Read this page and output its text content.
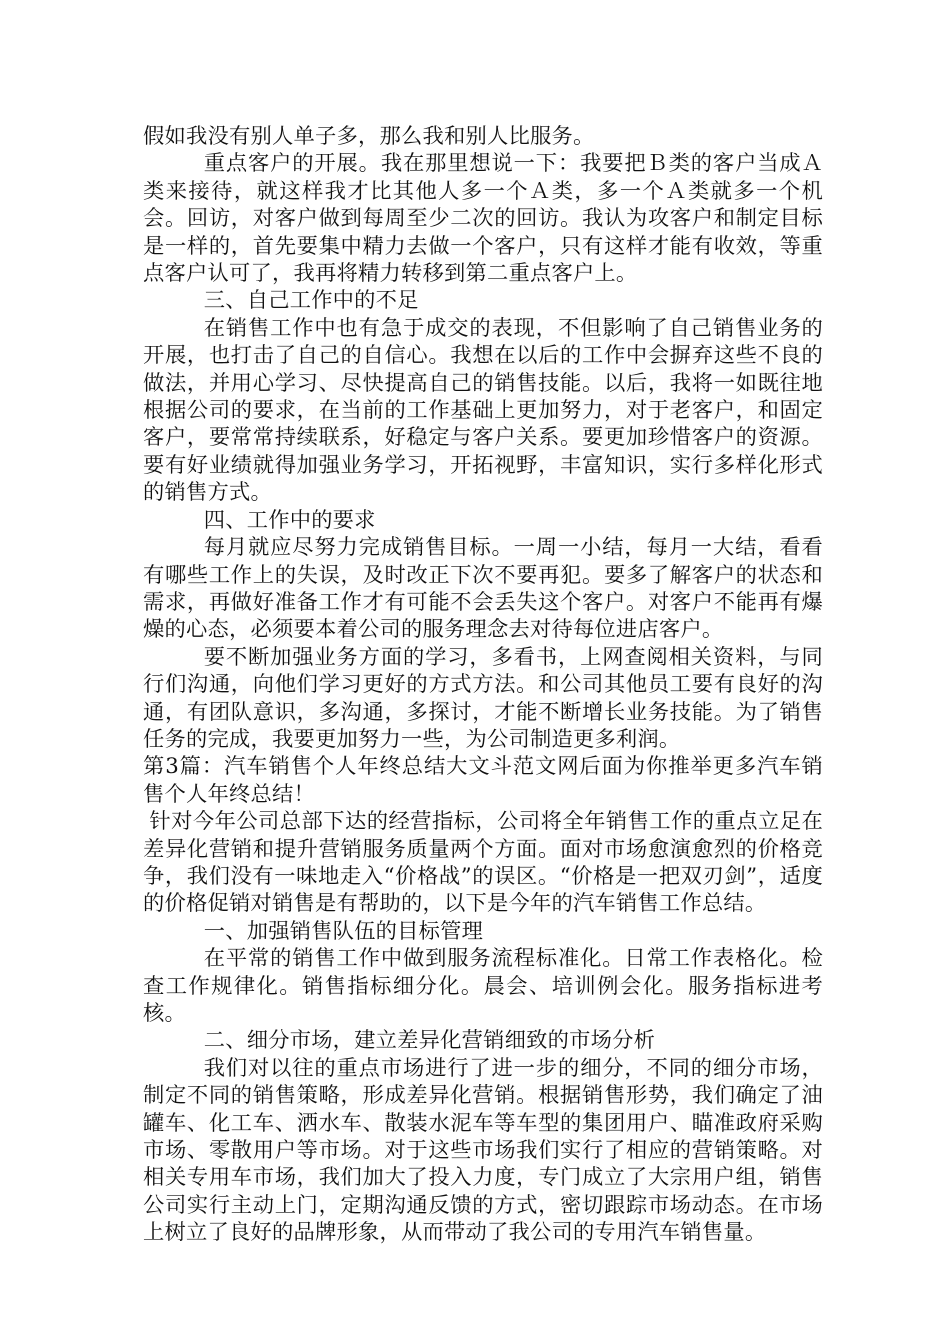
假如我没有别人单子多，那么我和别人比服务。

重点客户的开展。我在那里想说一下：我要把Ｂ类的客户当成Ａ类来接待，就这样我才比其他人多一个Ａ类，多一个Ａ类就多一个机会。回访，对客户做到每周至少二次的回访。我认为攻客户和制定目标是一样的，首先要集中精力去做一个客户，只有这样才能有收效，等重点客户认可了，我再将精力转移到第二重点客户上。

三、自己工作中的不足

在销售工作中也有急于成交的表现，不但影响了自己销售业务的开展，也打击了自己的自信心。我想在以后的工作中会摒弃这些不良的做法，并用心学习、尽快提高自己的销售技能。以后，我将一如既往地根据公司的要求，在当前的工作基础上更加努力，对于老客户，和固定客户，要常常持续联系，好稳定与客户关系。要更加珍惜客户的资源。要有好业绩就得加强业务学习，开拓视野，丰富知识，实行多样化形式的销售方式。

四、工作中的要求

每月就应尽努力完成销售目标。一周一小结，每月一大结，看看有哪些工作上的失误，及时改正下次不要再犯。要多了解客户的状态和需求，再做好准备工作才有可能不会丢失这个客户。对客户不能再有爆燥的心态，必须要本着公司的服务理念去对待每位进店客户。

要不断加强业务方面的学习，多看书，上网查阅相关资料，与同行们沟通，向他们学习更好的方式方法。和公司其他员工要有良好的沟通，有团队意识，多沟通，多探讨，才能不断增长业务技能。为了销售任务的完成，我要更加努力一些，为公司制造更多利润。

第3篇：汽车销售个人年终总结大文斗范文网后面为你推举更多汽车销售个人年终总结！

针对今年公司总部下达的经营指标，公司将全年销售工作的重点立足在差异化营销和提升营销服务质量两个方面。面对市场愈演愈烈的价格竞争，我们没有一味地走入“价格战”的误区。“价格是一把双刃剑”，适度的价格促销对销售是有帮助的，以下是今年的汽车销售工作总结。

一、加强销售队伍的目标管理

在平常的销售工作中做到服务流程标准化。日常工作表格化。检查工作规律化。销售指标细分化。晨会、培训例会化。服务指标进考核。

二、细分市场，建立差异化营销细致的市场分析

我们对以往的重点市场进行了进一步的细分，不同的细分市场，制定不同的销售策略，形成差异化营销。根据销售形势，我们确定了油罐车、化工车、洒水车、散装水泥车等车型的集团用户、瞄准政府采购市场、零散用户等市场。对于这些市场我们实行了相应的营销策略。对相关专用车市场，我们加大了投入力度，专门成立了大宗用户组，销售公司实行主动上门，定期沟通反馈的方式，密切跟踪市场动态。在市场上树立了良好的品牌形象，从而带动了我公司的专用汽车销售量。
